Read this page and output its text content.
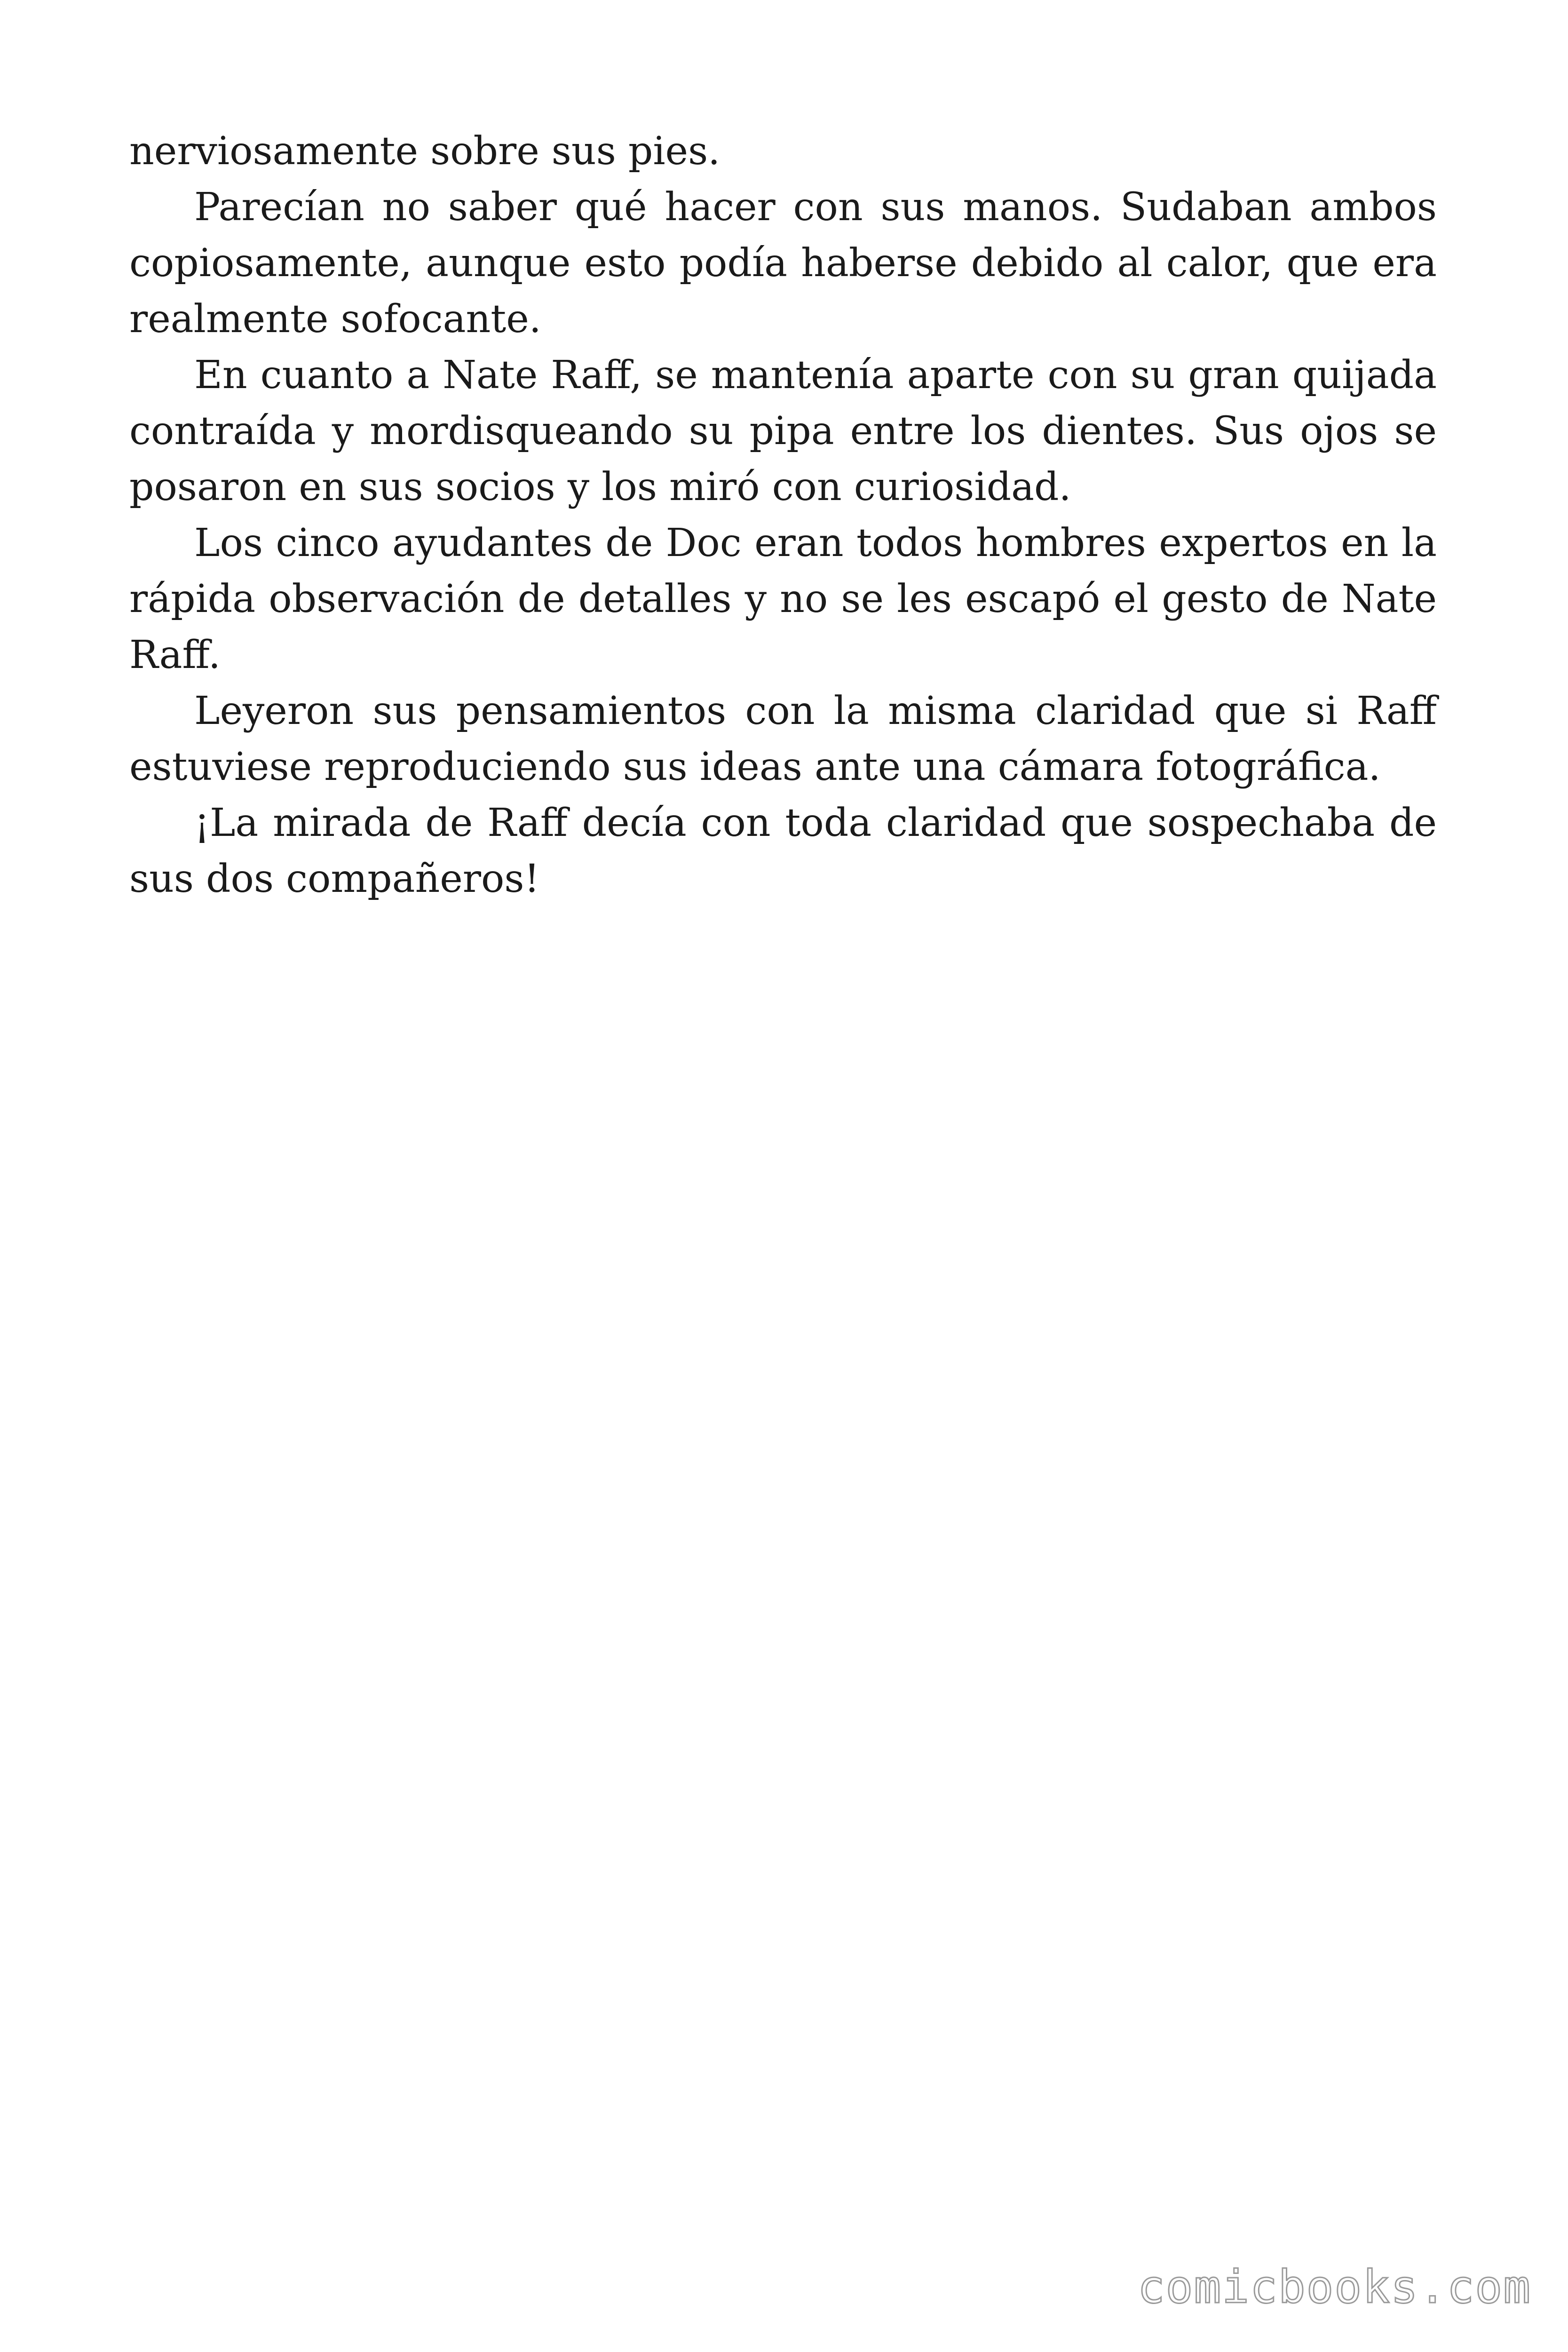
nerviosamente sobre sus pies.

Parecían no saber qué hacer con sus manos. Sudaban ambos copiosamente, aunque esto podía haberse debido al calor, que era realmente sofocante.

En cuanto a Nate Raff, se mantenía aparte con su gran quijada contraída y mordisqueando su pipa entre los dientes. Sus ojos se posaron en sus socios y los miró con curiosidad.

Los cinco ayudantes de Doc eran todos hombres expertos en la rápida observación de detalles y no se les escapó el gesto de Nate Raff.

Leyeron sus pensamientos con la misma claridad que si Raff estuviese reproduciendo sus ideas ante una cámara fotográfica.

¡La mirada de Raff decía con toda claridad que sospechaba de sus dos compañeros!

comicbooks.com
